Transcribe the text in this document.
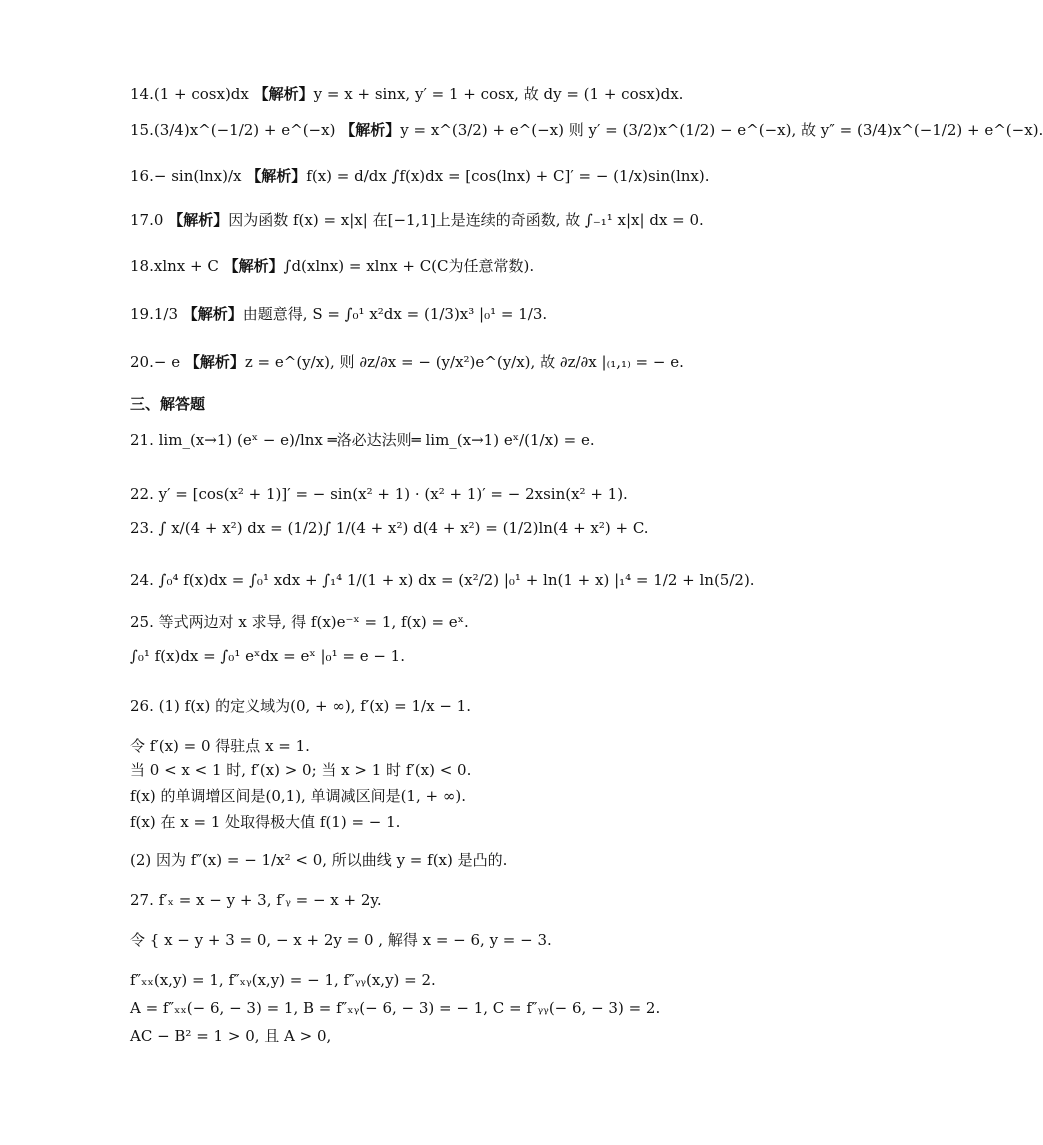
14.(1 + cosx)dx 【解析】y = x + sinx, y′ = 1 + cosx, 故 dy = (1 + cosx)dx.
15.(3/4)x^(−1/2) + e^(−x) 【解析】y = x^(3/2) + e^(−x) 则 y′ = (3/2)x^(1/2) − e^(−x), 故 y″ = (3/4)x^(−1/2) + e^(−x).
16.− sin(lnx)/x 【解析】f(x) = d/dx ∫f(x)dx = [cos(lnx) + C]′ = − (1/x)sin(lnx).
17.0 【解析】因为函数 f(x) = x|x| 在[−1,1]上是连续的奇函数, 故 ∫₋₁¹ x|x| dx = 0.
18.xlnx + C 【解析】∫d(xlnx) = xlnx + C(C为任意常数).
19.1/3 【解析】由题意得, S = ∫₀¹ x²dx = (1/3)x³ |₀¹ = 1/3.
20.− e 【解析】z = e^(y/x), 则 ∂z/∂x = − (y/x²)e^(y/x), 故 ∂z/∂x |₍₁,₁₎ = − e.
三、解答题
21. lim_(x→1) (eˣ − e)/lnx ═洛必达法则═ lim_(x→1) eˣ/(1/x) = e.
22. y′ = [cos(x² + 1)]′ = − sin(x² + 1) · (x² + 1)′ = − 2xsin(x² + 1).
23. ∫ x/(4 + x²) dx = (1/2)∫ 1/(4 + x²) d(4 + x²) = (1/2)ln(4 + x²) + C.
24. ∫₀⁴ f(x)dx = ∫₀¹ xdx + ∫₁⁴ 1/(1 + x) dx = (x²/2) |₀¹ + ln(1 + x) |₁⁴ = 1/2 + ln(5/2).
25. 等式两边对 x 求导, 得 f(x)e⁻ˣ = 1, f(x) = eˣ.
∫₀¹ f(x)dx = ∫₀¹ eˣdx = eˣ |₀¹ = e − 1.
26. (1) f(x) 的定义域为(0, + ∞), f′(x) = 1/x − 1.
令 f′(x) = 0 得驻点 x = 1.
当 0 < x < 1 时, f′(x) > 0; 当 x > 1 时 f′(x) < 0.
f(x) 的单调增区间是(0,1), 单调减区间是(1, + ∞).
f(x) 在 x = 1 处取得极大值 f(1) = − 1.
(2) 因为 f″(x) = − 1/x² < 0, 所以曲线 y = f(x) 是凸的.
27. f′ₓ = x − y + 3, f′ᵧ = − x + 2y.
令 { x − y + 3 = 0, − x + 2y = 0 , 解得 x = − 6, y = − 3.
f″ₓₓ(x,y) = 1, f″ₓᵧ(x,y) = − 1, f″ᵧᵧ(x,y) = 2.
A = f″ₓₓ(− 6, − 3) = 1, B = f″ₓᵧ(− 6, − 3) = − 1, C = f″ᵧᵧ(− 6, − 3) = 2.
AC − B² = 1 > 0, 且 A > 0,
